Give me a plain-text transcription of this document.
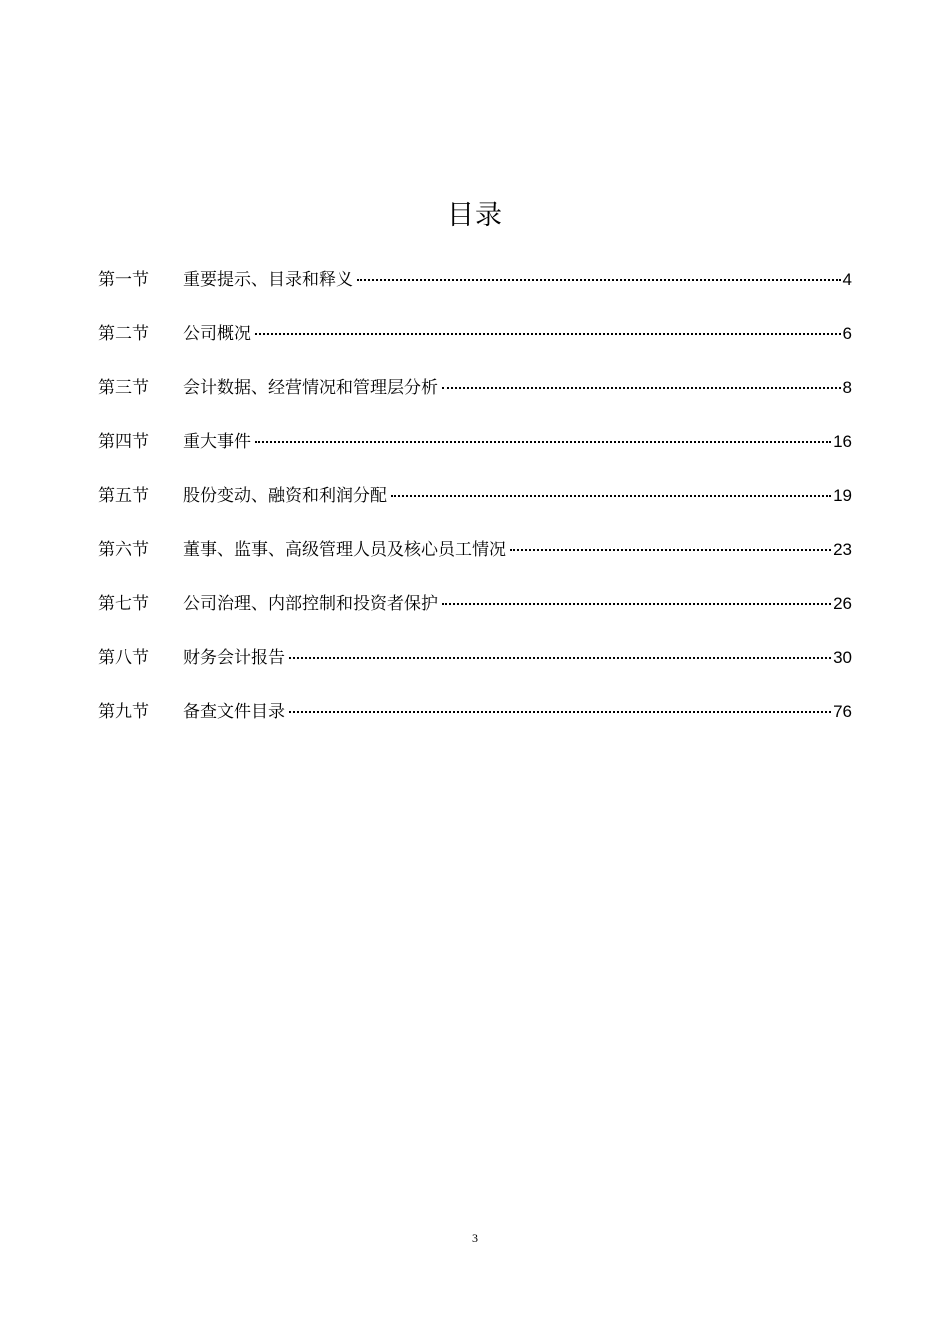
目录
第一节	重要提示、目录和释义	4
第二节	公司概况	6
第三节	会计数据、经营情况和管理层分析	8
第四节	重大事件	16
第五节	股份变动、融资和利润分配	19
第六节	董事、监事、高级管理人员及核心员工情况	23
第七节	公司治理、内部控制和投资者保护	26
第八节	财务会计报告	30
第九节	备查文件目录	76
3
